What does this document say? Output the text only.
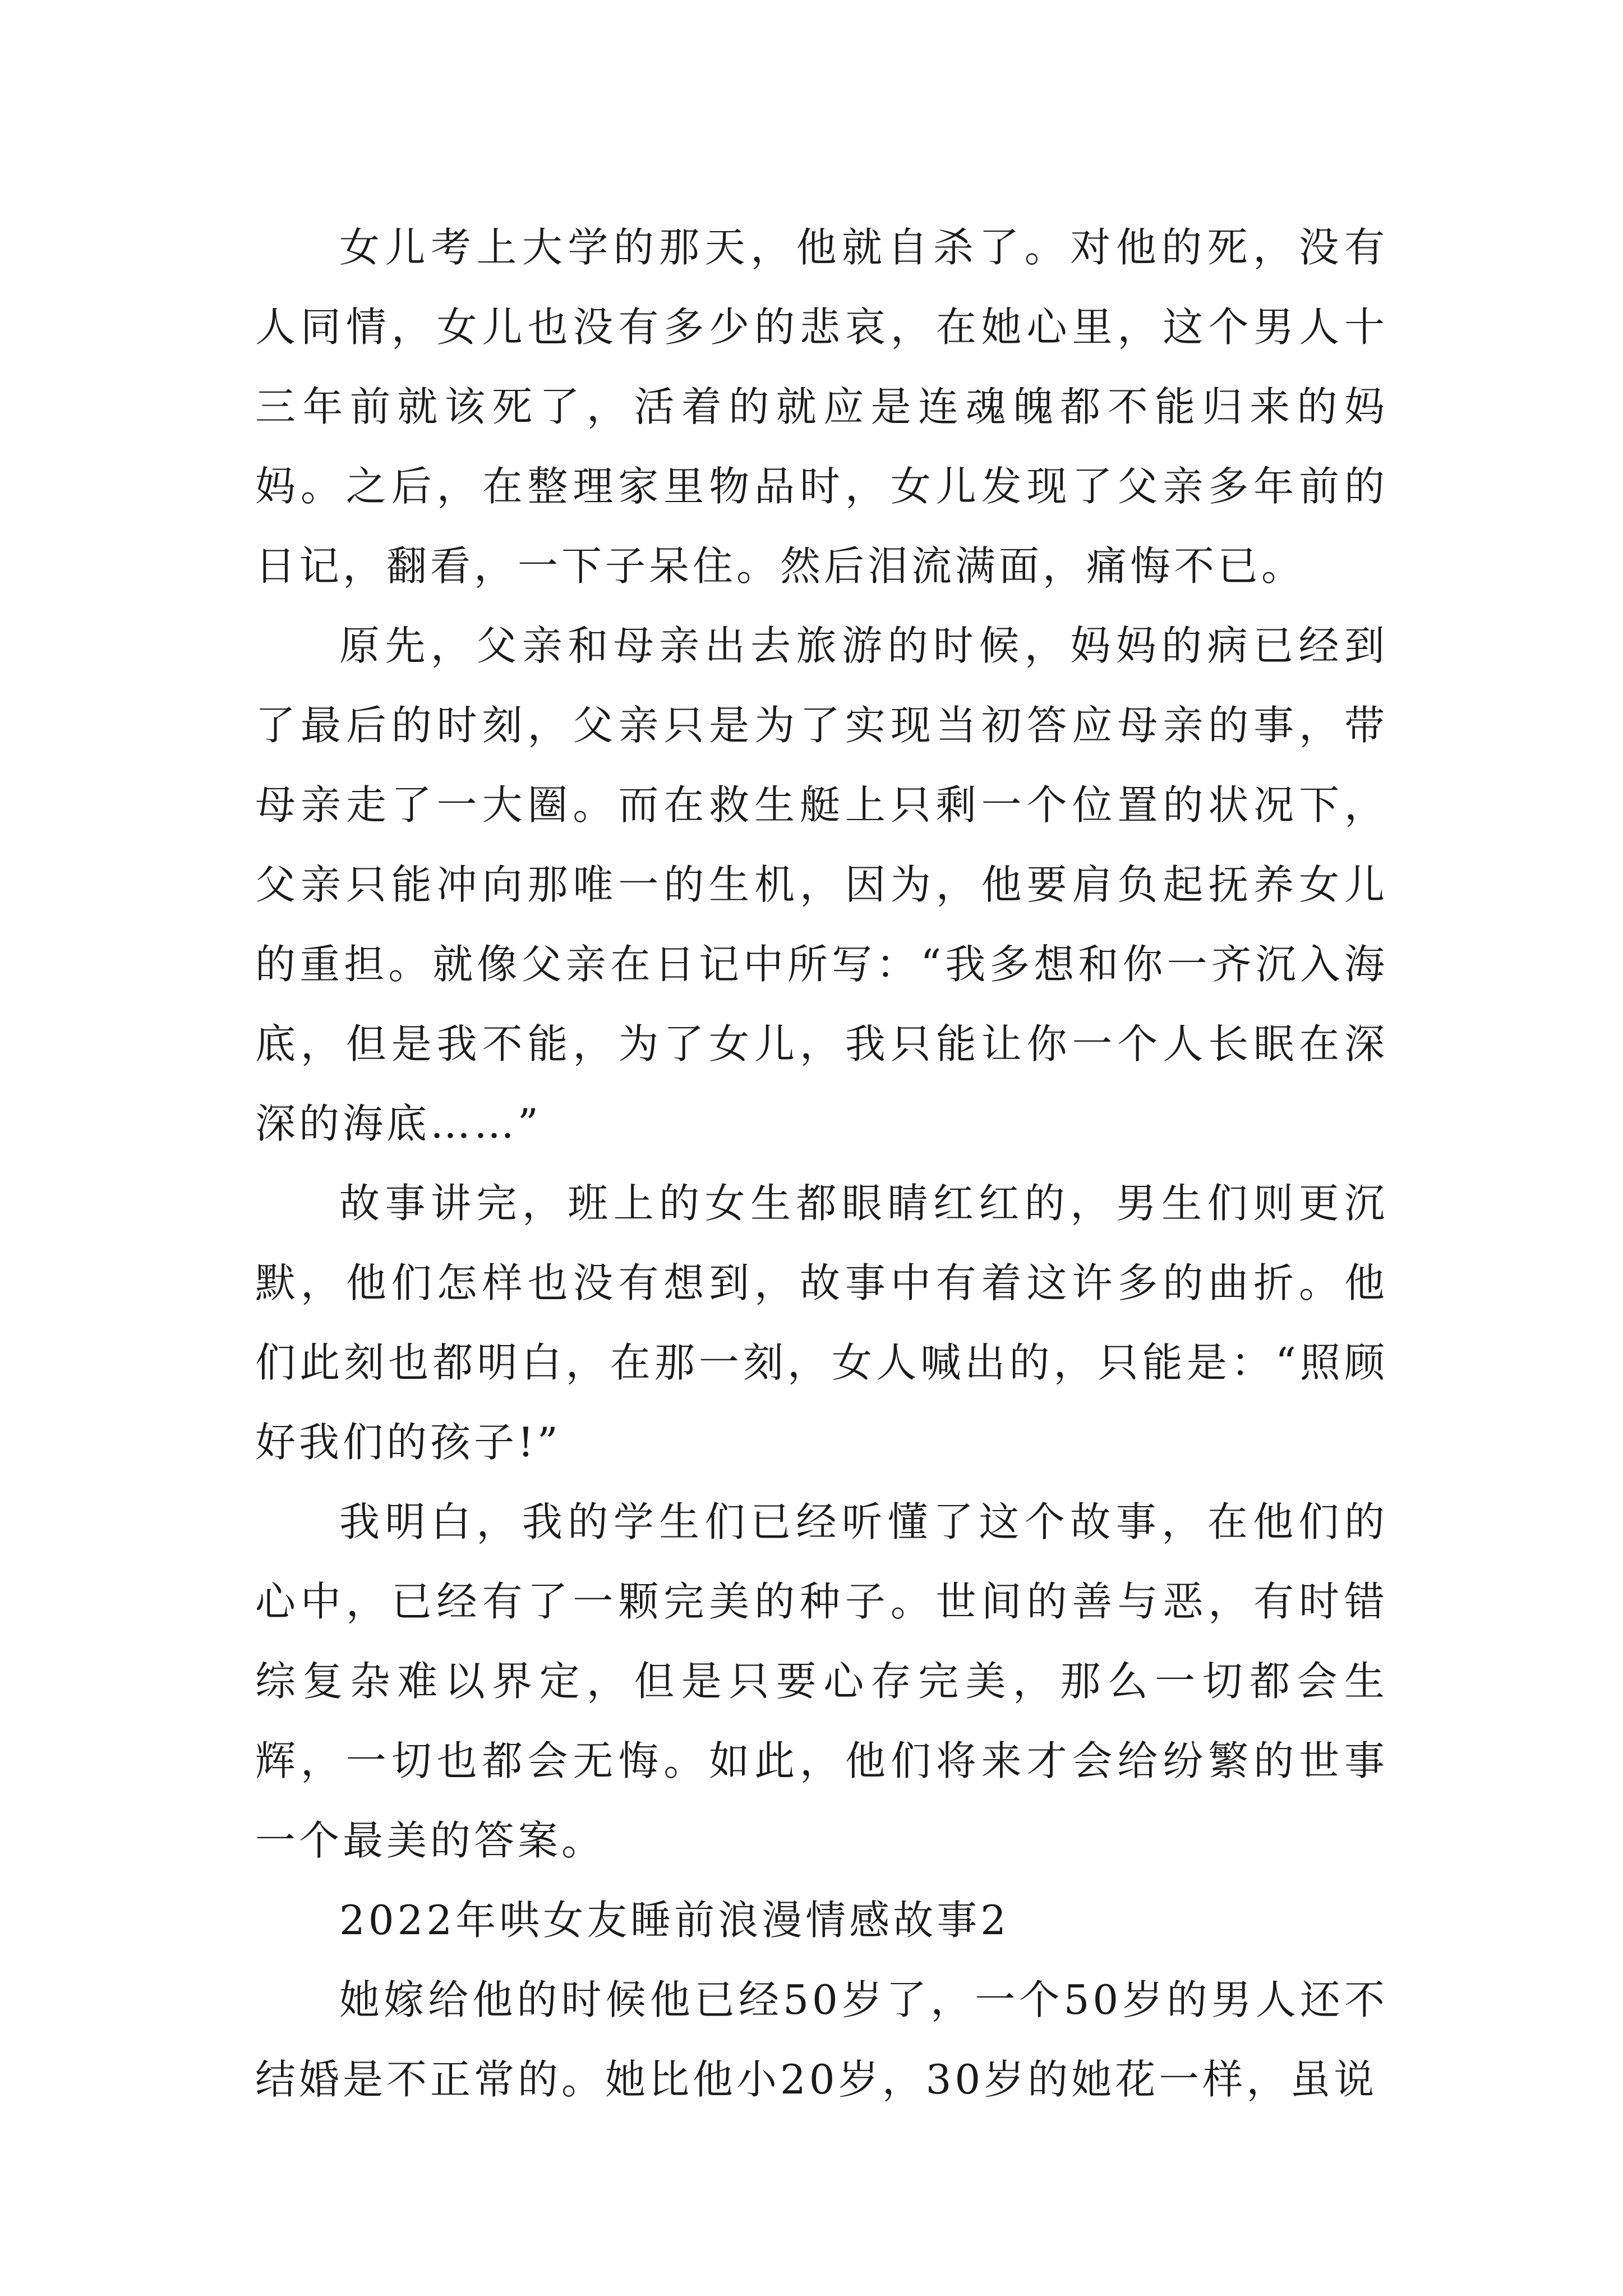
女儿考上大学的那天，他就自杀了。对他的死，没有人同情，女儿也没有多少的悲哀，在她心里，这个男人十三年前就该死了，活着的就应是连魂魄都不能归来的妈妈。之后，在整理家里物品时，女儿发现了父亲多年前的日记，翻看，一下子呆住。然后泪流满面，痛悔不已。

原先，父亲和母亲出去旅游的时候，妈妈的病已经到了最后的时刻，父亲只是为了实现当初答应母亲的事，带母亲走了一大圈。而在救生艇上只剩一个位置的状况下，父亲只能冲向那唯一的生机，因为，他要肩负起抚养女儿的重担。就像父亲在日记中所写：“我多想和你一齐沉入海底，但是我不能，为了女儿，我只能让你一个人长眠在深深的海底……”

故事讲完，班上的女生都眼睛红红的，男生们则更沉默，他们怎样也没有想到，故事中有着这许多的曲折。他们此刻也都明白，在那一刻，女人喊出的，只能是：“照顾好我们的孩子!”

我明白，我的学生们已经听懂了这个故事，在他们的心中，已经有了一颗完美的种子。世间的善与恶，有时错综复杂难以界定，但是只要心存完美，那么一切都会生辉，一切也都会无悔。如此，他们将来才会给纷繁的世事一个最美的答案。

2022年哄女友睡前浪漫情感故事2

她嫁给他的时候他已经50岁了，一个50岁的男人还不结婚是不正常的。她比他小20岁，30岁的她花一样，虽说
